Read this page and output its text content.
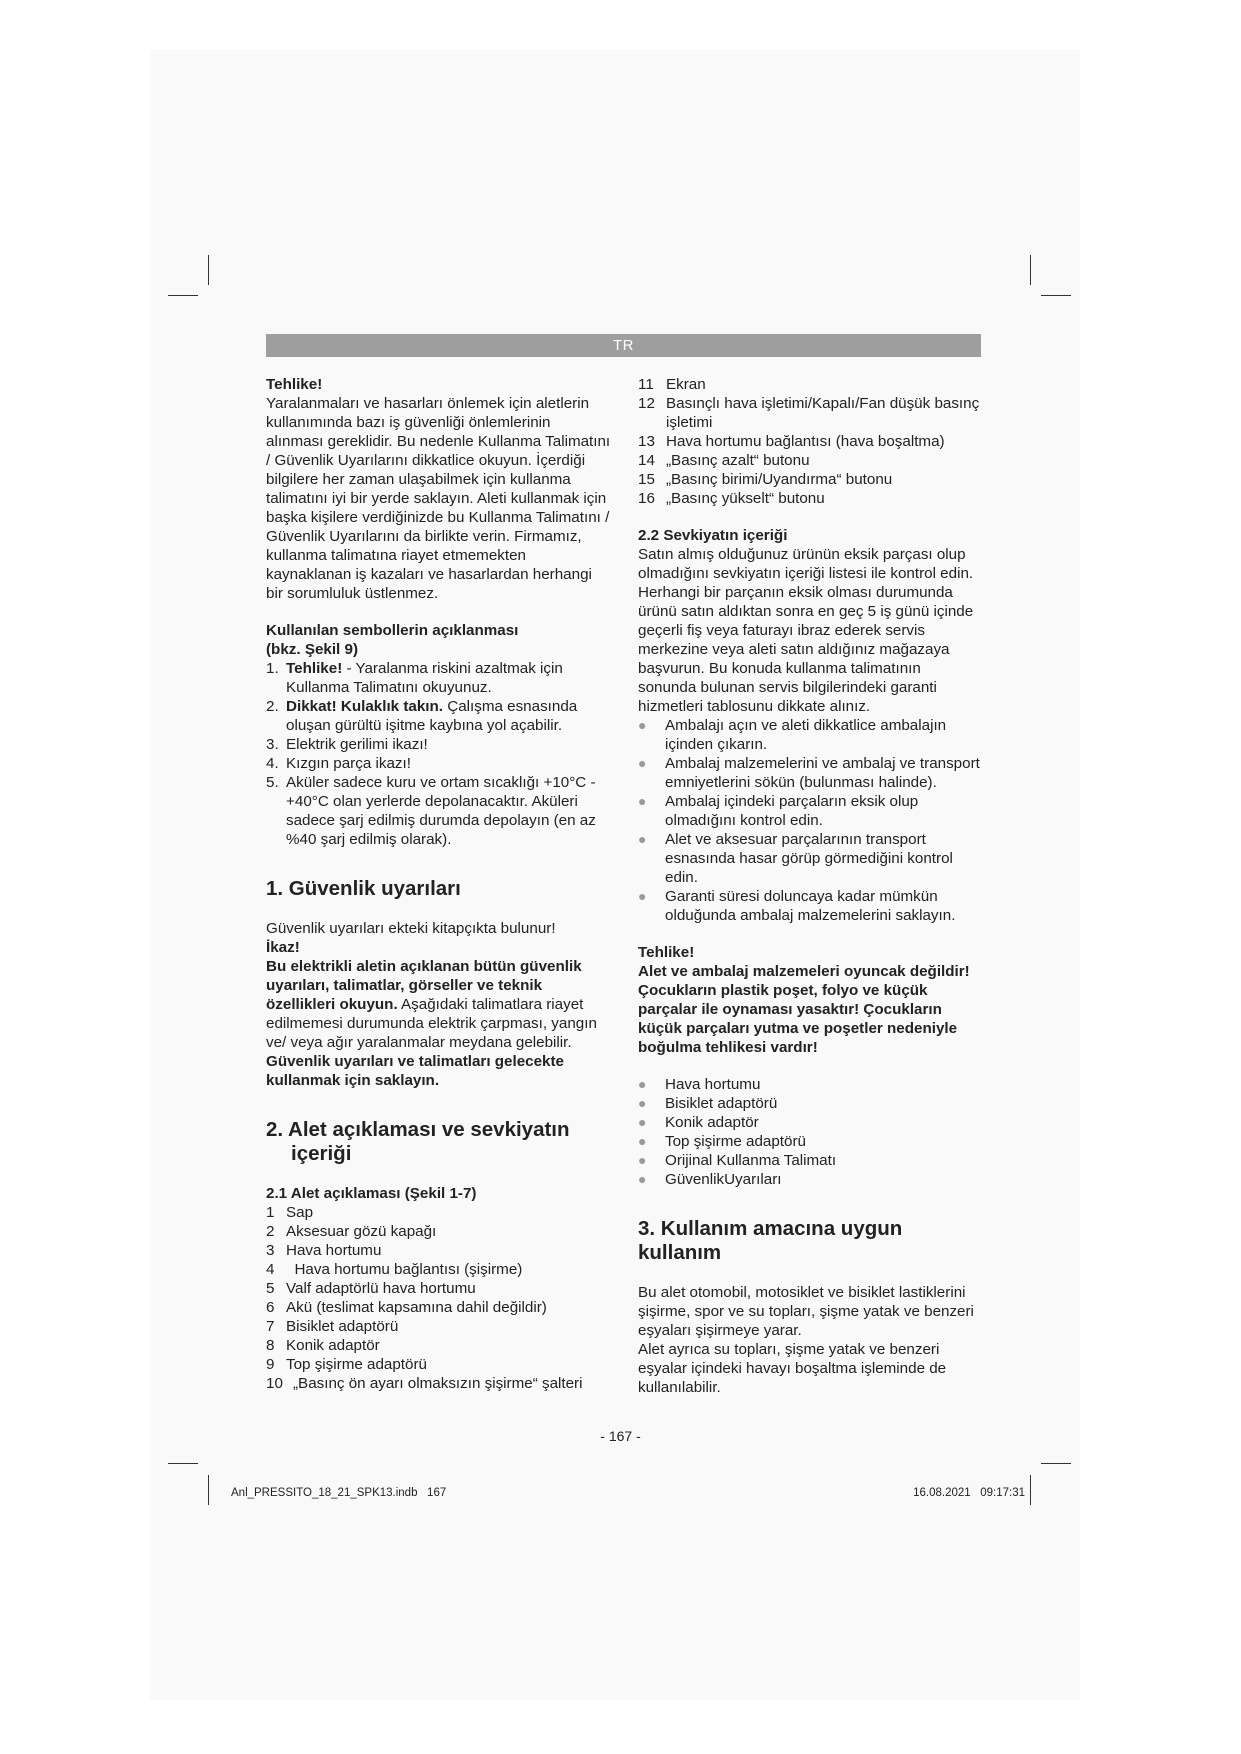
TR

Tehlike!

Yaralanmaları ve hasarları önlemek için aletlerin kullanımında bazı iş güvenliği önlemlerinin alınması gereklidir. Bu nedenle Kullanma Talimatını / Güvenlik Uyarılarını dikkatlice okuyun. İçerdiği bilgilere her zaman ulaşabilmek için kullanma talimatını iyi bir yerde saklayın. Aleti kullanmak için başka kişilere verdiğinizde bu Kullanma Talimatını / Güvenlik Uyarılarını da birlikte verin. Firmamız, kullanma talimatına riayet etmemekten kaynaklanan iş kazaları ve hasarlardan herhangi bir sorumluluk üstlenmez.

Kullanılan sembollerin açıklanması
(bkz. Şekil 9)
1. Tehlike! - Yaralanma riskini azaltmak için Kullanma Talimatını okuyunuz.
2. Dikkat! Kulaklık takın. Çalışma esnasında oluşan gürültü işitme kaybına yol açabilir.
3. Elektrik gerilimi ikazı!
4. Kızgın parça ikazı!
5. Aküler sadece kuru ve ortam sıcaklığı +10°C - +40°C olan yerlerde depolanacaktır. Aküleri sadece şarj edilmiş durumda depolayın (en az %40 şarj edilmiş olarak).
1. Güvenlik uyarıları

Güvenlik uyarıları ekteki kitapçıkta bulunur!

İkaz!

Bu elektrikli aletin açıklanan bütün güvenlik uyarıları, talimatlar, görseller ve teknik özellikleri okuyun. Aşağıdaki talimatlara riayet edilmemesi durumunda elektrik çarpması, yangın ve/ veya ağır yaralanmalar meydana gelebilir.

Güvenlik uyarıları ve talimatları gelecekte kullanmak için saklayın.

2. Alet açıklaması ve sevkiyatın
içeriği
2.1 Alet açıklaması (Şekil 1-7)
1 Sap
2 Aksesuar gözü kapağı
3 Hava hortumu
4 Hava hortumu bağlantısı (şişirme)
5 Valf adaptörlü hava hortumu
6 Akü (teslimat kapsamına dahil değildir)
7 Bisiklet adaptörü
8 Konik adaptör
9 Top şişirme adaptörü
10 „Basınç ön ayarı olmaksızın şişirme“ şalteri
11 Ekran
12 Basınçlı hava işletimi/Kapalı/Fan düşük basınç işletimi
13 Hava hortumu bağlantısı (hava boşaltma)
14 „Basınç azalt“ butonu
15 „Basınç birimi/Uyandırma“ butonu
16 „Basınç yükselt“ butonu
2.2 Sevkiyatın içeriği

Satın almış olduğunuz ürünün eksik parçası olup olmadığını sevkiyatın içeriği listesi ile kontrol edin. Herhangi bir parçanın eksik olması durumunda ürünü satın aldıktan sonra en geç 5 iş günü içinde geçerli fiş veya faturayı ibraz ederek servis merkezine veya aleti satın aldığınız mağazaya başvurun. Bu konuda kullanma talimatının sonunda bulunan servis bilgilerindeki garanti hizmetleri tablosunu dikkate alınız.

●	Ambalajı açın ve aleti dikkatlice ambalajın içinden çıkarın.
●	Ambalaj malzemelerini ve ambalaj ve transport emniyetlerini sökün (bulunması halinde).
●	Ambalaj içindeki parçaların eksik olup olmadığını kontrol edin.
●	Alet ve aksesuar parçalarının transport esnasında hasar görüp görmediğini kontrol edin.
●	Garanti süresi doluncaya kadar mümkün olduğunda ambalaj malzemelerini saklayın.

Tehlike!

Alet ve ambalaj malzemeleri oyuncak değildir! Çocukların plastik poşet, folyo ve küçük parçalar ile oynaması yasaktır! Çocukların küçük parçaları yutma ve poşetler nedeniyle boğulma tehlikesi vardır!

●	Hava hortumu
●	Bisiklet adaptörü
●	Konik adaptör
●	Top şişirme adaptörü
●	Orijinal Kullanma Talimatı
●	GüvenlikUyarıları
3. Kullanım amacına uygun kullanım

Bu alet otomobil, motosiklet ve bisiklet lastiklerini şişirme, spor ve su topları, şişme yatak ve benzeri eşyaları şişirmeye yarar.

Alet ayrıca su topları, şişme yatak ve benzeri eşyalar içindeki havayı boşaltma işleminde de kullanılabilir.

- 167 -
Anl_PRESSITO_18_21_SPK13.indb   167	16.08.2021   09:17:31
